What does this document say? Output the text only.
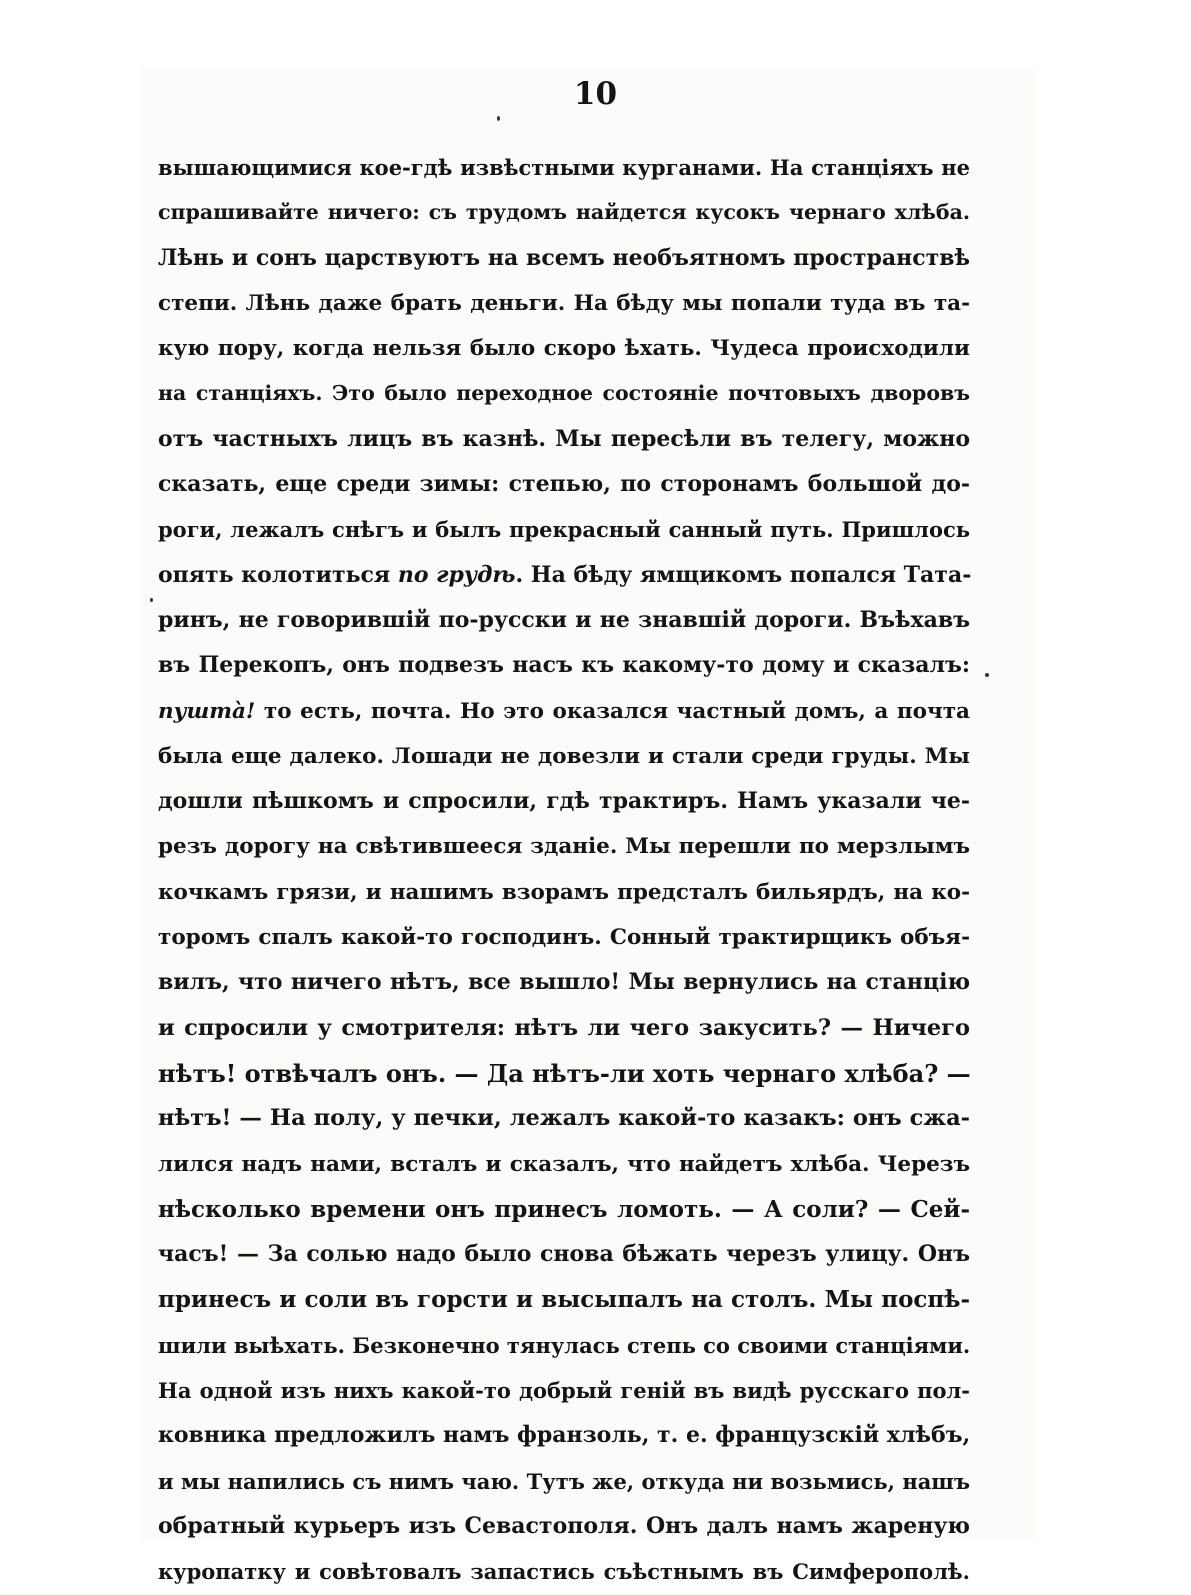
10
вышающимися кое-гдѣ извѣстными курганами. На станціяхъ не
спрашивайте ничего: съ трудомъ найдется кусокъ чернаго хлѣба.
Лѣнь и сонъ царствуютъ на всемъ необъятномъ пространствѣ
степи. Лѣнь даже брать деньги. На бѣду мы попали туда въ та-
кую пору, когда нельзя было скоро ѣхать. Чудеса происходили
на станціяхъ. Это было переходное состояніе почтовыхъ дворовъ
отъ частныхъ лицъ въ казнѣ. Мы пересѣли въ телегу, можно
сказать, еще среди зимы: степью, по сторонамъ большой до-
роги, лежалъ снѣгъ и былъ прекрасный санный путь. Пришлось
опять колотиться по грудѣ. На бѣду ямщикомъ попался Тата-
ринъ, не говорившій по-русски и не знавшій дороги. Въѣхавъ
въ Перекопъ, онъ подвезъ насъ къ какому-то дому и сказалъ:
пуштà! то есть, почта. Но это оказался частный домъ, а почта
была еще далеко. Лошади не довезли и стали среди груды. Мы
дошли пѣшкомъ и спросили, гдѣ трактиръ. Намъ указали че-
резъ дорогу на свѣтившееся зданіе. Мы перешли по мерзлымъ
кочкамъ грязи, и нашимъ взорамъ предсталъ бильярдъ, на ко-
торомъ спалъ какой-то господинъ. Сонный трактирщикъ объя-
вилъ, что ничего нѣтъ, все вышло! Мы вернулись на станцію
и спросили у смотрителя: нѣтъ ли чего закусить? — Ничего
нѣтъ! отвѣчалъ онъ. — Да нѣтъ-ли хоть чернаго хлѣба? —
нѣтъ! — На полу, у печки, лежалъ какой-то казакъ: онъ сжа-
лился надъ нами, всталъ и сказалъ, что найдетъ хлѣба. Черезъ
нѣсколько времени онъ принесъ ломоть. — А соли? — Сей-
часъ! — За солью надо было снова бѣжать черезъ улицу. Онъ
принесъ и соли въ горсти и высыпалъ на столъ. Мы поспѣ-
шили выѣхать. Безконечно тянулась степь со своими станціями.
На одной изъ нихъ какой-то добрый геній въ видѣ русскаго пол-
ковника предложилъ намъ франзоль, т. е. французскій хлѣбъ,
и мы напились съ нимъ чаю. Тутъ же, откуда ни возьмись, нашъ
обратный курьеръ изъ Севастополя. Онъ далъ намъ жареную
куропатку и совѣтовалъ запастись съѣстнымъ въ Симферополѣ.
